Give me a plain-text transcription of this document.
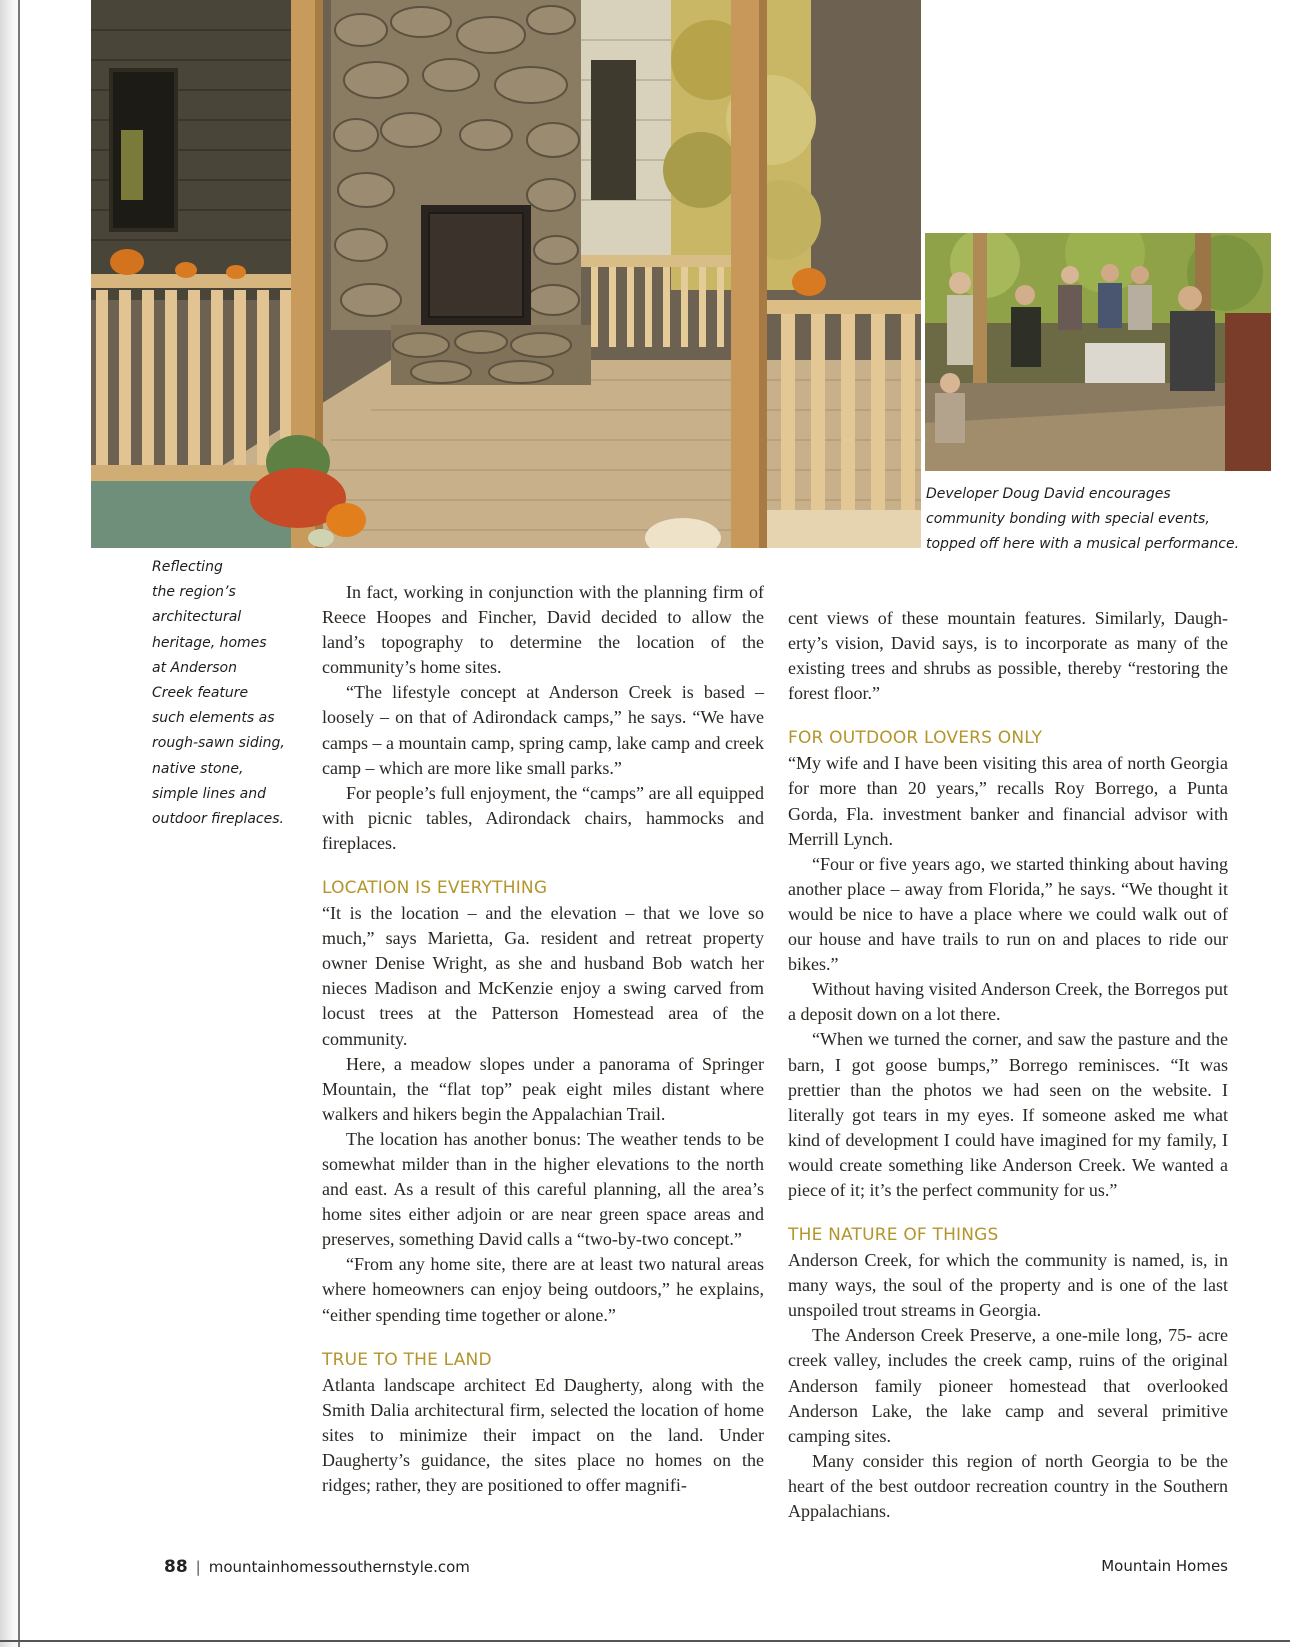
Developer Doug David encourages

community bonding with special events,

topped off here with a musical performance.

Reflecting

the region’s

architectural

heritage, homes

at Anderson

Creek feature

such elements as

rough-sawn siding,

native stone,

simple lines and

outdoor fireplaces.

In fact, working in conjunction with the planning firm of Reece Hoopes and Fincher, David decided to allow the land’s topography to determine the location of the community’s home sites.

“The lifestyle concept at Anderson Creek is based – loosely – on that of Adirondack camps,” he says. “We have camps – a mountain camp, spring camp, lake camp and creek camp – which are more like small parks.”

For people’s full enjoyment, the “camps” are all equipped with picnic tables, Adirondack chairs, hammocks and fireplaces.

LOCATION IS EVERYTHING

“It is the location – and the elevation – that we love so much,” says Marietta, Ga. resident and retreat property owner Denise Wright, as she and husband Bob watch her nieces Madison and McKenzie enjoy a swing carved from locust trees at the Patterson Homestead area of the community.

Here, a meadow slopes under a panorama of Springer Mountain, the “flat top” peak eight miles distant where walkers and hikers begin the Appalachian Trail.

The location has another bonus: The weather tends to be somewhat milder than in the higher elevations to the north and east. As a result of this careful planning, all the area’s home sites either adjoin or are near green space areas and preserves, something David calls a “two-by-two concept.”

“From any home site, there are at least two natural areas where homeowners can enjoy being outdoors,” he explains, “either spending time together or alone.”

TRUE TO THE LAND

Atlanta landscape architect Ed Daugherty, along with the Smith Dalia architectural firm, selected the location of home sites to minimize their impact on the land. Under Daugherty’s guidance, the sites place no homes on the ridges; rather, they are positioned to offer magnifi-

cent views of these mountain features. Similarly, Daugherty’s vision, David says, is to incorporate as many of the existing trees and shrubs as possible, thereby “restoring the forest floor.”

FOR OUTDOOR LOVERS ONLY

“My wife and I have been visiting this area of north Georgia for more than 20 years,” recalls Roy Borrego, a Punta Gorda, Fla. investment banker and financial advisor with Merrill Lynch.

“Four or five years ago, we started thinking about having another place – away from Florida,” he says. “We thought it would be nice to have a place where we could walk out of our house and have trails to run on and places to ride our bikes.”

Without having visited Anderson Creek, the Borregos put a deposit down on a lot there.

“When we turned the corner, and saw the pasture and the barn, I got goose bumps,” Borrego reminisces. “It was prettier than the photos we had seen on the website. I literally got tears in my eyes. If someone asked me what kind of development I could have imagined for my family, I would create something like Anderson Creek. We wanted a piece of it; it’s the perfect community for us.”

THE NATURE OF THINGS

Anderson Creek, for which the community is named, is, in many ways, the soul of the property and is one of the last unspoiled trout streams in Georgia.

The Anderson Creek Preserve, a one-mile long, 75- acre creek valley, includes the creek camp, ruins of the original Anderson family pioneer homestead that overlooked Anderson Lake, the lake camp and several primitive camping sites.

Many consider this region of north Georgia to be the heart of the best outdoor recreation country in the Southern Appalachians.

88 | mountainhomessouthernstyle.com	Mountain Homes
